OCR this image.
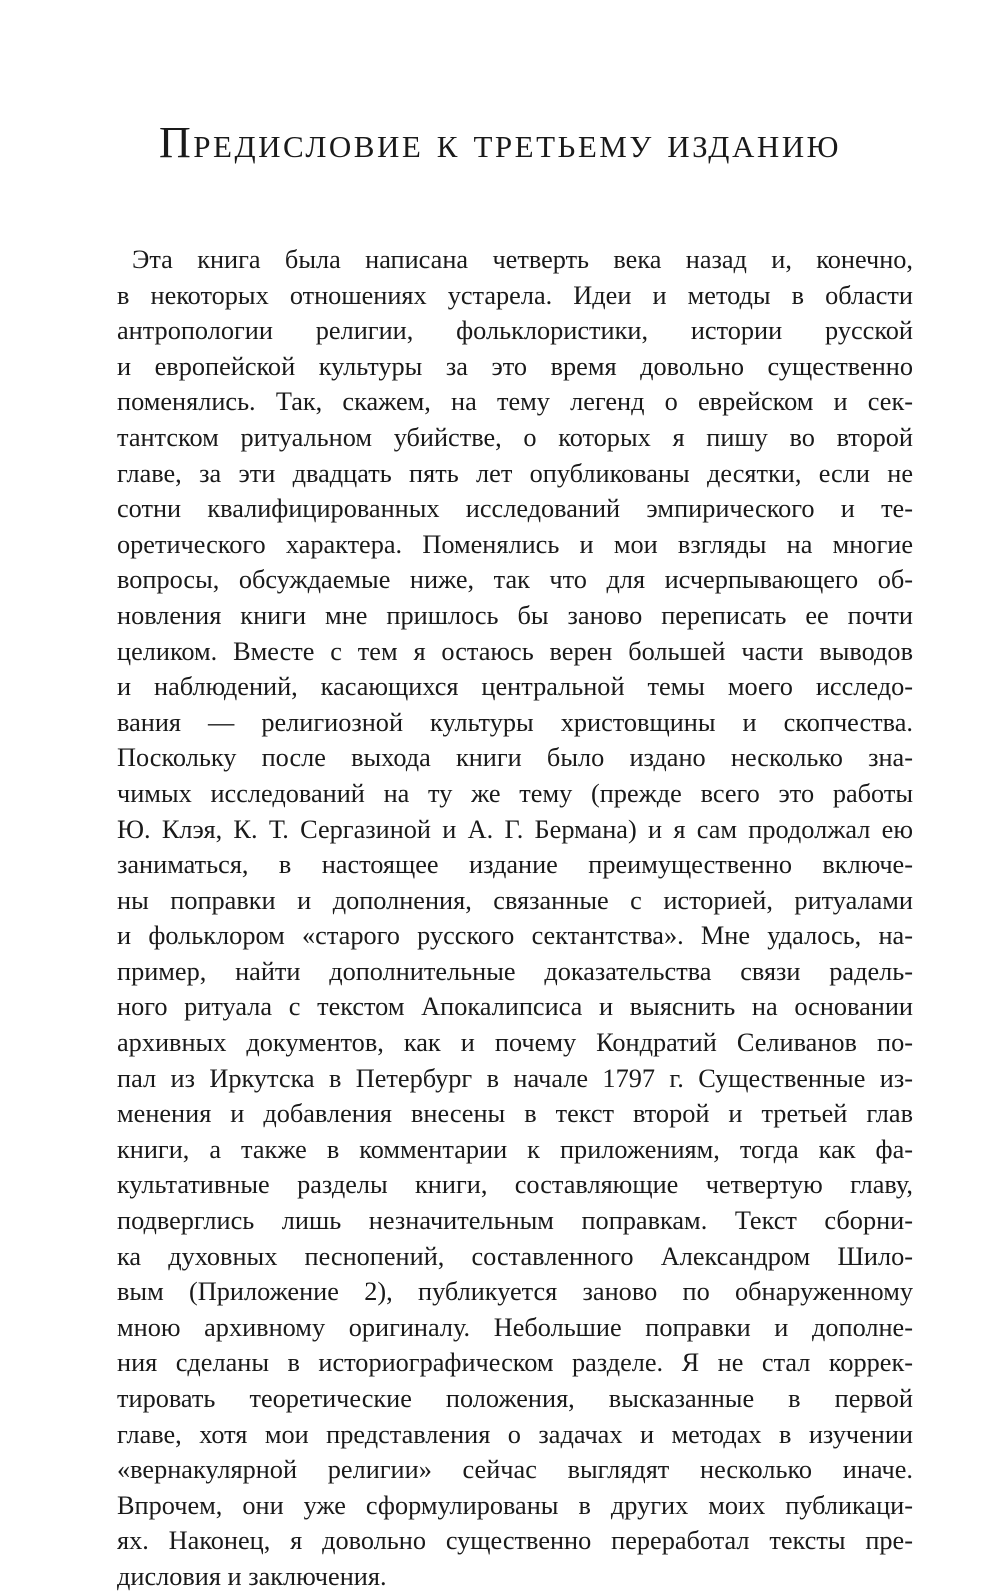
Предисловие к третьему изданию
Эта книга была написана четверть века назад и, конечно,
в некоторых отношениях устарела. Идеи и методы в области
антропологии религии, фольклористики, истории русской
и европейской культуры за это время довольно существенно
поменялись. Так, скажем, на тему легенд о еврейском и сек-
тантском ритуальном убийстве, о которых я пишу во второй
главе, за эти двадцать пять лет опубликованы десятки, если не
сотни квалифицированных исследований эмпирического и те-
оретического характера. Поменялись и мои взгляды на многие
вопросы, обсуждаемые ниже, так что для исчерпывающего об-
новления книги мне пришлось бы заново переписать ее почти
целиком. Вместе с тем я остаюсь верен большей части выводов
и наблюдений, касающихся центральной темы моего исследо-
вания — религиозной культуры христовщины и скопчества.
Поскольку после выхода книги было издано несколько зна-
чимых исследований на ту же тему (прежде всего это работы
Ю. Клэя, К. Т. Сергазиной и А. Г. Бермана) и я сам продолжал ею
заниматься, в настоящее издание преимущественно включе-
ны поправки и дополнения, связанные с историей, ритуалами
и фольклором «старого русского сектантства». Мне удалось, на-
пример, найти дополнительные доказательства связи радель-
ного ритуала с текстом Апокалипсиса и выяснить на основании
архивных документов, как и почему Кондратий Селиванов по-
пал из Иркутска в Петербург в начале 1797 г. Существенные из-
менения и добавления внесены в текст второй и третьей глав
книги, а также в комментарии к приложениям, тогда как фа-
культативные разделы книги, составляющие четвертую главу,
подверглись лишь незначительным поправкам. Текст сборни-
ка духовных песнопений, составленного Александром Шило-
вым (Приложение 2), публикуется заново по обнаруженному
мною архивному оригиналу. Небольшие поправки и дополне-
ния сделаны в историографическом разделе. Я не стал коррек-
тировать теоретические положения, высказанные в первой
главе, хотя мои представления о задачах и методах в изучении
«вернакулярной религии» сейчас выглядят несколько иначе.
Впрочем, они уже сформулированы в других моих публикаци-
ях. Наконец, я довольно существенно переработал тексты пре-
дисловия и заключения.
